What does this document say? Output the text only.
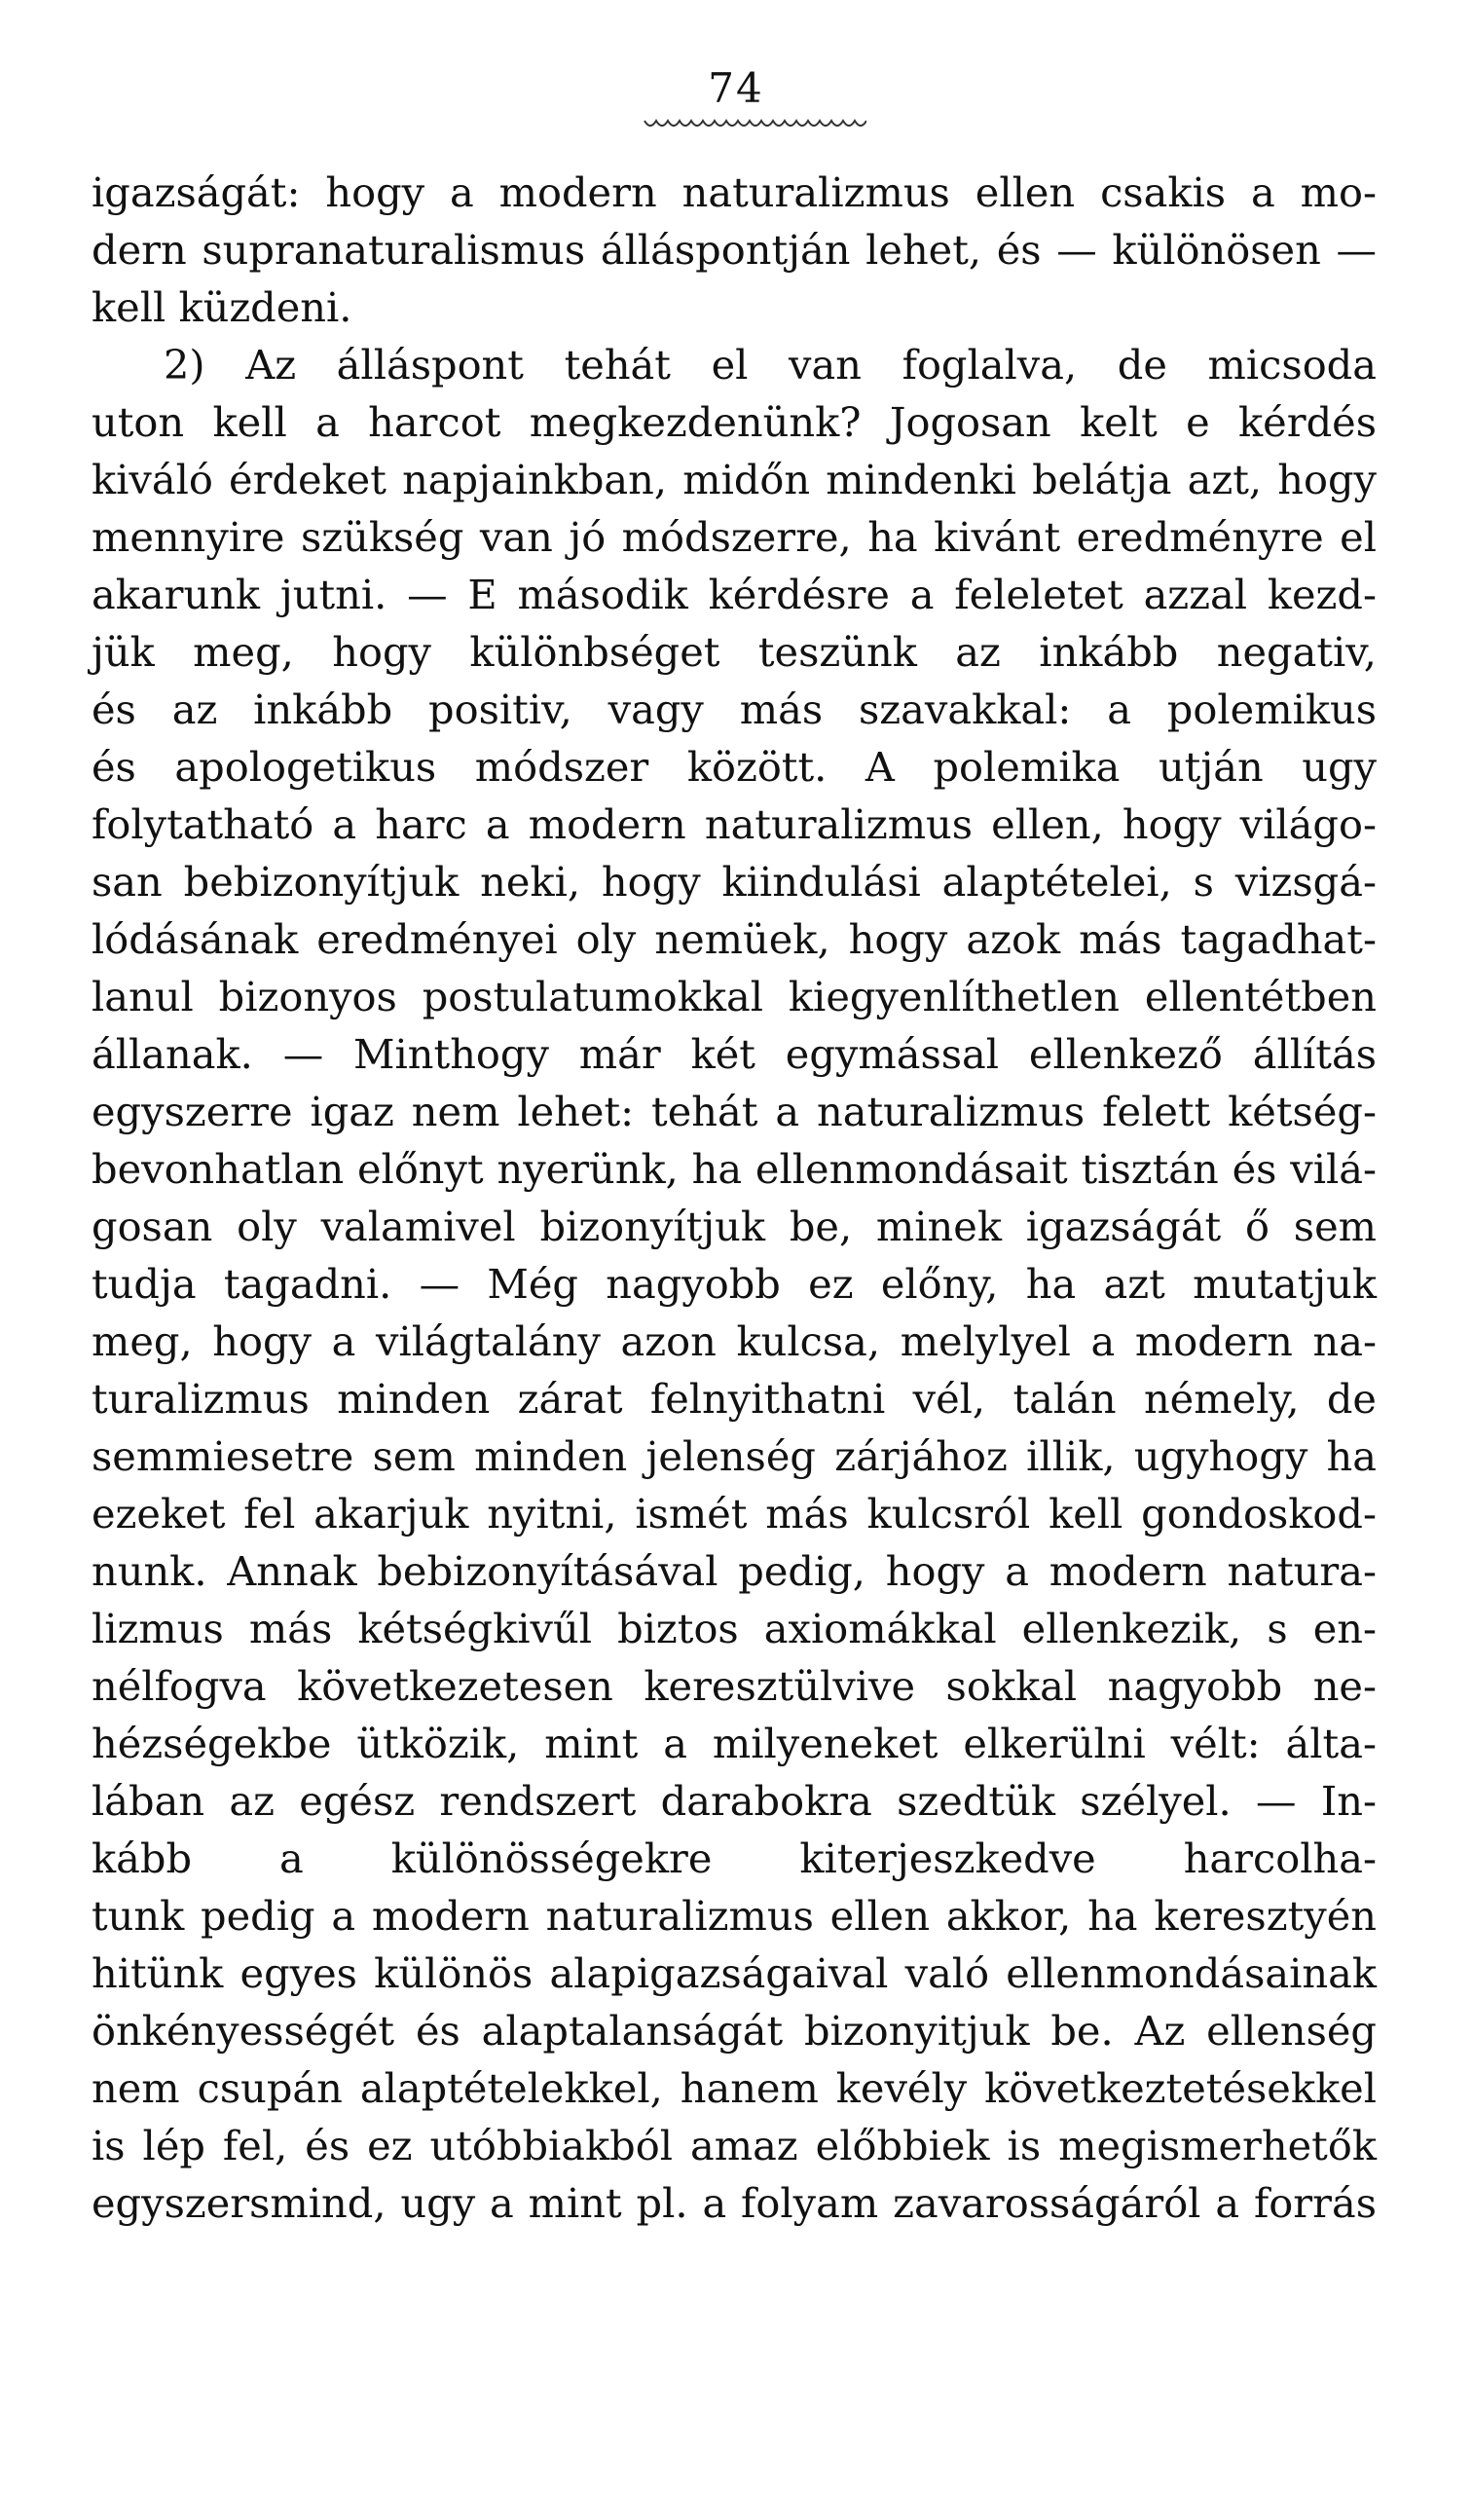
74
igazságát: hogy a modern naturalizmus ellen csakis a mo-
dern supranaturalismus álláspontján lehet, és — különösen —
kell küzdeni.
2) Az álláspont tehát el van foglalva, de micsoda
uton kell a harcot megkezdenünk? Jogosan kelt e kérdés
kiváló érdeket napjainkban, midőn mindenki belátja azt, hogy
mennyire szükség van jó módszerre, ha kivánt eredményre el
akarunk jutni. — E második kérdésre a feleletet azzal kezd-
jük meg, hogy különbséget teszünk az inkább negativ,
és az inkább positiv, vagy más szavakkal: a polemikus
és apologetikus módszer között. A polemika utján ugy
folytatható a harc a modern naturalizmus ellen, hogy világo-
san bebizonyítjuk neki, hogy kiindulási alaptételei, s vizsgá-
lódásának eredményei oly nemüek, hogy azok más tagadhat-
lanul bizonyos postulatumokkal kiegyenlíthetlen ellentétben
állanak. — Minthogy már két egymással ellenkező állítás
egyszerre igaz nem lehet: tehát a naturalizmus felett kétség-
bevonhatlan előnyt nyerünk, ha ellenmondásait tisztán és vilá-
gosan oly valamivel bizonyítjuk be, minek igazságát ő sem
tudja tagadni. — Még nagyobb ez előny, ha azt mutatjuk
meg, hogy a világtalány azon kulcsa, melylyel a modern na-
turalizmus minden zárat felnyithatni vél, talán némely, de
semmiesetre sem minden jelenség zárjához illik, ugyhogy ha
ezeket fel akarjuk nyitni, ismét más kulcsról kell gondoskod-
nunk. Annak bebizonyításával pedig, hogy a modern natura-
lizmus más kétségkivűl biztos axiomákkal ellenkezik, s en-
nélfogva következetesen keresztülvive sokkal nagyobb ne-
hézségekbe ütközik, mint a milyeneket elkerülni vélt: álta-
lában az egész rendszert darabokra szedtük szélyel. — In-
kább a különösségekre kiterjeszkedve harcolha-
tunk pedig a modern naturalizmus ellen akkor, ha keresztyén
hitünk egyes különös alapigazságaival való ellenmondásainak
önkényességét és alaptalanságát bizonyitjuk be. Az ellenség
nem csupán alaptételekkel, hanem kevély következtetésekkel
is lép fel, és ez utóbbiakból amaz előbbiek is megismerhetők
egyszersmind, ugy a mint pl. a folyam zavarosságáról a forrás
